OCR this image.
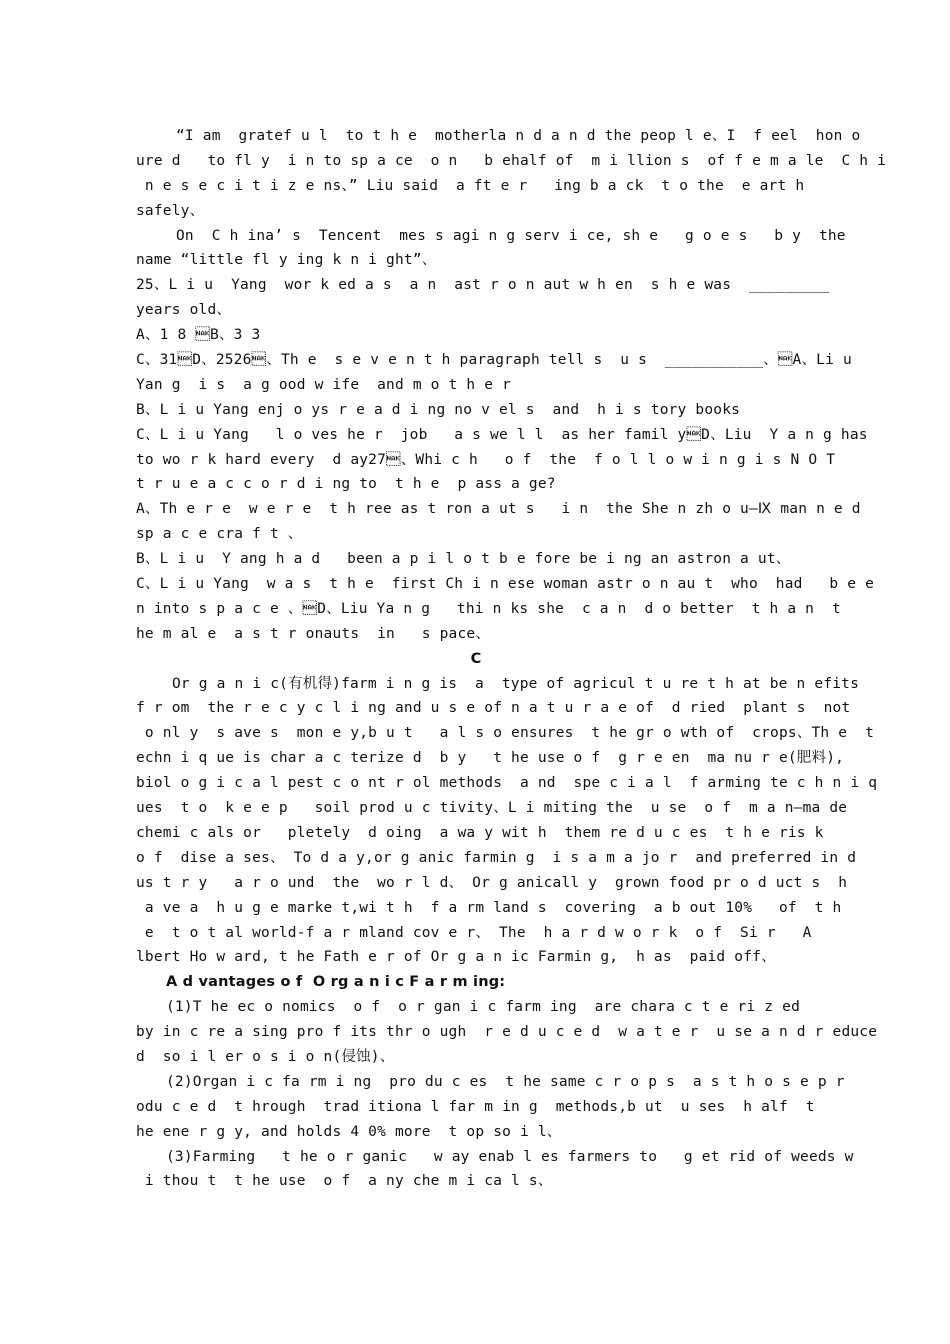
“I am  gratef u l  to t h e  motherla n d a n d the peop l e、I  f eel  hon o
ure d   to fl y  i n to sp a ce  o n   b ehalf of  m i llion s  of f e m a le  C h i
n e s e c i t i z e ns、” Liu said  a ft e r   ing b a ck  t o the  e art h
safely、
On  C h ina’ s  Tencent  mes s agi n g serv i ce, sh e   g o e s   b y  the
name “little fl y ing k n i ght”、
25、L i u  Yang  wor k ed a s  a n  ast r o n aut w h en  s h e was  _________
years old、
A、1 8 B、3 3
C、31D、2526、Th e  s e v e n t h paragraph tell s  u s  ___________、A、Li u
Yan g  i s  a g ood w ife  and m o t h e r
B、L i u Yang enj o ys r e a d i ng no v el s  and  h i s tory books
C、L i u Yang   l o ves he r  job   a s we l l  as her famil yD、Liu  Y a n g has
to wo r k hard every  d ay27、Whi c h   o f  the  f o l l o w i n g i s N O T
t r u e a c c o r d i ng to  t h e  p ass a ge?
A、Th e r e  w e r e  t h ree as t ron a ut s   i n  the She n zh o u—Ⅸ man n e d
sp a c e cra f t 、
B、L i u  Y ang h a d   been a p i l o t b e fore be i ng an astron a ut、
C、L i u Yang  w a s  t h e  first Ch i n ese woman astr o n au t  who  had   b e e
n into s p a c e 、D、Liu Ya n g   thi n ks she  c a n  d o better  t h a n  t
he m al e  a s t r onauts  in   s pace、
C
Or g a n i c(有机得)farm i n g is  a  type of agricul t u re t h at be n efits
f r om  the r e c y c l i ng and u s e of n a t u r a e of  d ried  plant s  not
o nl y  s ave s  mon e y,b u t   a l s o ensures  t he gr o wth of  crops、Th e  t
echn i q ue is char a c terize d  b y   t he use o f  g r e en  ma nu r e(肥料),
biol o g i c a l pest c o nt r ol methods  a nd  spe c i a l  f arming te c h n i q
ues  t o  k e e p   soil prod u c tivity、L i miting the  u se  o f  m a n—ma de
chemi c als or   pletely  d oing  a wa y wit h  them re d u c es  t h e ris k
o f  dise a ses、 To d a y,or g anic farmin g  i s a m a jo r  and preferred in d
us t r y   a r o und  the  wo r l d、 Or g anicall y  grown food pr o d uct s  h
a ve a  h u g e marke t,wi t h  f a rm land s  covering  a b out 10%   of  t h
e  t o t al world-f a r mland cov e r、 The  h a r d w o r k  o f  Si r   A
lbert Ho w ard, t he Fath e r of Or g a n ic Farmin g,  h as  paid off、
A d vantages o f  O rg a n i c F a r m ing:
(1)T he ec o nomics  o f  o r gan i c farm ing  are chara c t e ri z ed
by in c re a sing pro f its thr o ugh  r e d u c e d  w a t e r  u se a n d r educe
d  so i l er o s i o n(侵蚀)、
(2)Organ i c fa rm i ng  pro du c es  t he same c r o p s  a s t h o s e p r
odu c e d  t hrough  trad itiona l far m in g  methods,b ut  u ses  h alf  t
he ene r g y, and holds 4 0% more  t op so i l、
(3)Farming   t he o r ganic   w ay enab l es farmers to   g et rid of weeds w
i thou t  t he use  o f  a ny che m i ca l s、
